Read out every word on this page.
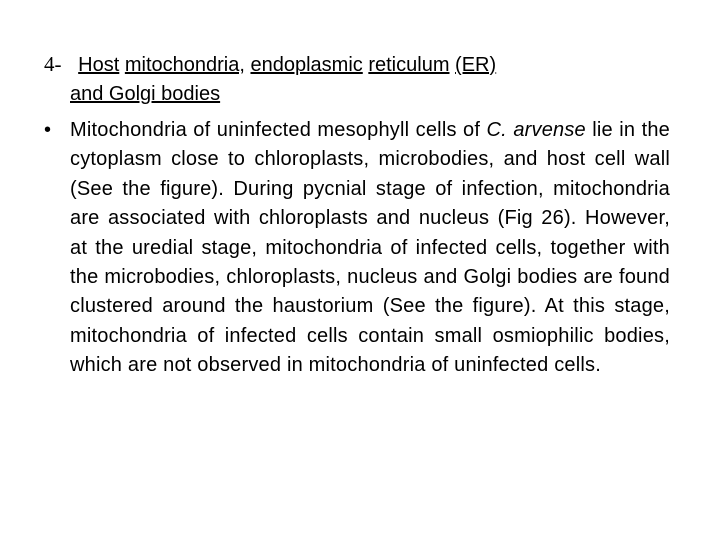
4- Host mitochondria, endoplasmic reticulum (ER)
and Golgi bodies
• Mitochondria of uninfected mesophyll cells of C. arvense lie in the cytoplasm close to chloroplasts, microbodies, and host cell wall (See the figure). During pycnial stage of infection, mitochondria are associated with chloroplasts and nucleus (Fig 26). However, at the uredial stage, mitochondria of infected cells, together with the microbodies, chloroplasts, nucleus and Golgi bodies are found clustered around the haustorium (See the figure). At this stage, mitochondria of infected cells contain small osmiophilic bodies, which are not observed in mitochondria of uninfected cells.
